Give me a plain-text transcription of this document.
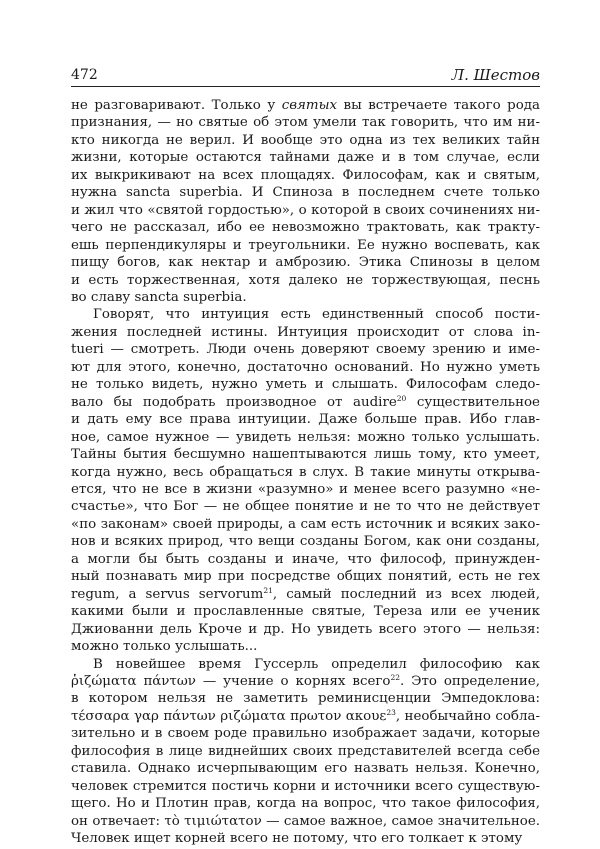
472	Л. Шестов
не разговаривают. Только у святых вы встречаете такого рода
признания, — но святые об этом умели так говорить, что им ни-
кто никогда не верил. И вообще это одна из тех великих тайн
жизни, которые остаются тайнами даже и в том случае, если
их выкрикивают на всех площадях. Философам, как и святым,
нужна sancta superbia. И Спиноза в последнем счете только
и жил что «святой гордостью», о которой в своих сочинениях ни-
чего не рассказал, ибо ее невозможно трактовать, как тракту-
ешь перпендикуляры и треугольники. Ее нужно воспевать, как
пищу богов, как нектар и амброзию. Этика Спинозы в целом
и есть торжественная, хотя далеко не торжествующая, песнь
во славу sancta superbia.
Говорят, что интуиция есть единственный способ пости-
жения последней истины. Интуиция происходит от слова in-
tueri — смотреть. Люди очень доверяют своему зрению и име-
ют для этого, конечно, достаточно оснований. Но нужно уметь
не только видеть, нужно уметь и слышать. Философам следо-
вало бы подобрать производное от audire$^{20}$ существительное
и дать ему все права интуиции. Даже больше прав. Ибо глав-
ное, самое нужное — увидеть нельзя: можно только услышать.
Тайны бытия бесшумно нашептываются лишь тому, кто умеет,
когда нужно, весь обращаться в слух. В такие минуты открыва-
ется, что не все в жизни «разумно» и менее всего разумно «не-
счастье», что Бог — не общее понятие и не то что не действует
«по законам» своей природы, а сам есть источник и всяких зако-
нов и всяких природ, что вещи созданы Богом, как они созданы,
а могли бы быть созданы и иначе, что философ, принужден-
ный познавать мир при посредстве общих понятий, есть не rex
regum, a servus servorum$^{21}$, самый последний из всех людей,
какими были и прославленные святые, Тереза или ее ученик
Джиованни дель Кроче и др. Но увидеть всего этого — нельзя:
можно только услышать...
В новейшее время Гуссерль определил философию как
ῥιζώματα πάντων — учение о корнях всего$^{22}$. Это определение,
в котором нельзя не заметить реминисценции Эмпедоклова:
τέσσαρα γαρ πάντων ριζώματα πρωτον ακουε$^{23}$, необычайно собла-
зительно и в своем роде правильно изображает задачи, которые
философия в лице виднейших своих представителей всегда себе
ставила. Однако исчерпывающим его назвать нельзя. Конечно,
человек стремится постичь корни и источники всего существую-
щего. Но и Плотин прав, когда на вопрос, что такое философия,
он отвечает: τὸ τιμιώτατον — самое важное, самое значительное.
Человек ищет корней всего не потому, что его толкает к этому
